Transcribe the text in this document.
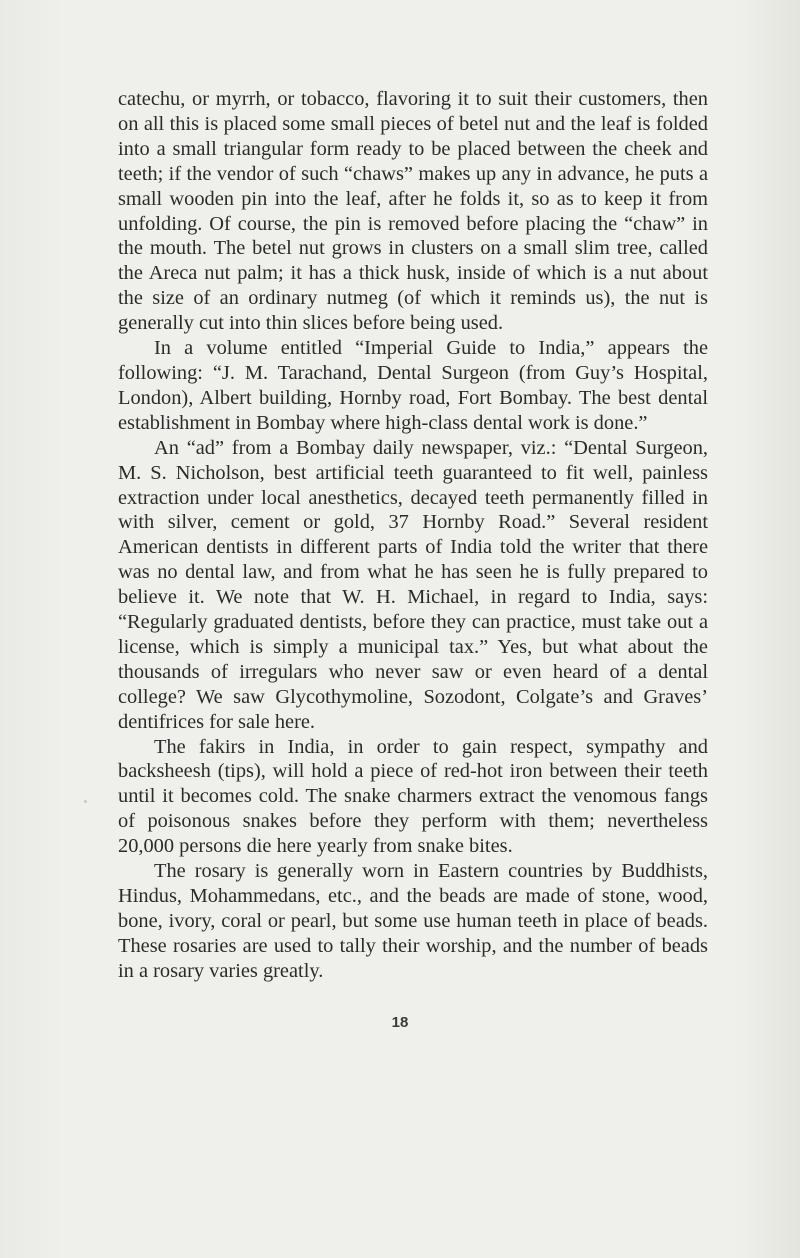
catechu, or myrrh, or tobacco, flavoring it to suit their customers, then on all this is placed some small pieces of betel nut and the leaf is folded into a small triangular form ready to be placed between the cheek and teeth; if the vendor of such “chaws” makes up any in advance, he puts a small wooden pin into the leaf, after he folds it, so as to keep it from unfolding. Of course, the pin is removed before placing the “chaw” in the mouth. The betel nut grows in clusters on a small slim tree, called the Areca nut palm; it has a thick husk, inside of which is a nut about the size of an ordinary nutmeg (of which it reminds us), the nut is generally cut into thin slices before being used.

In a volume entitled “Imperial Guide to India,” appears the following: “J. M. Tarachand, Dental Surgeon (from Guy’s Hospital, London), Albert building, Hornby road, Fort Bombay. The best dental establishment in Bombay where high-class dental work is done.”

An “ad” from a Bombay daily newspaper, viz.: “Dental Surgeon, M. S. Nicholson, best artificial teeth guaranteed to fit well, painless extraction under local anesthetics, decayed teeth permanently filled in with silver, cement or gold, 37 Hornby Road.” Several resident American dentists in different parts of India told the writer that there was no dental law, and from what he has seen he is fully prepared to believe it. We note that W. H. Michael, in regard to India, says: “Regularly graduated dentists, before they can practice, must take out a license, which is simply a municipal tax.” Yes, but what about the thousands of irregulars who never saw or even heard of a dental college? We saw Glycothymoline, Sozodont, Colgate’s and Graves’ dentifrices for sale here.

The fakirs in India, in order to gain respect, sympathy and backsheesh (tips), will hold a piece of red-hot iron between their teeth until it becomes cold. The snake charmers extract the venomous fangs of poisonous snakes before they perform with them; nevertheless 20,000 persons die here yearly from snake bites.

The rosary is generally worn in Eastern countries by Buddhists, Hindus, Mohammedans, etc., and the beads are made of stone, wood, bone, ivory, coral or pearl, but some use human teeth in place of beads. These rosaries are used to tally their worship, and the number of beads in a rosary varies greatly.

18
